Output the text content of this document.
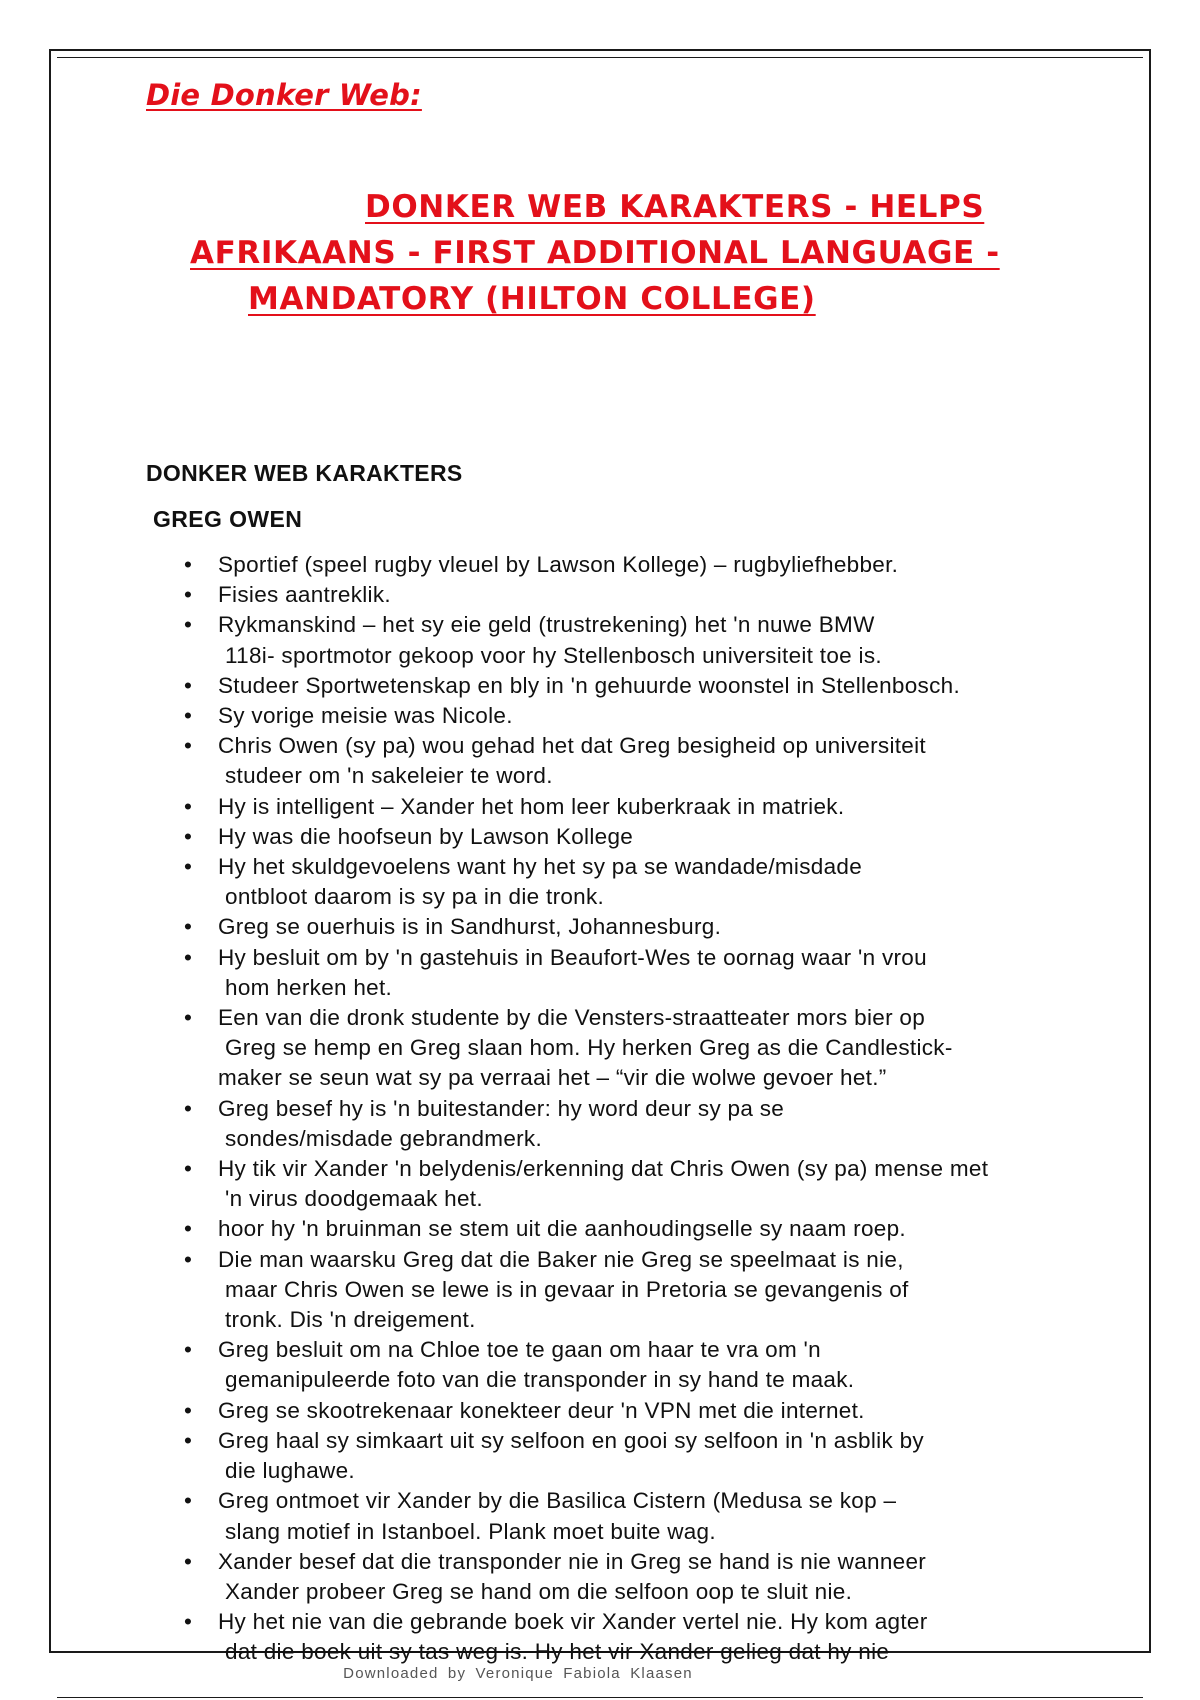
Die Donker Web:
DONKER WEB KARAKTERS - HELPS
AFRIKAANS - FIRST ADDITIONAL LANGUAGE -
MANDATORY (HILTON COLLEGE)
DONKER WEB KARAKTERS
GREG OWEN
• Sportief (speel rugby vleuel by Lawson Kollege) – rugbyliefhebber.
• Fisies aantreklik.
• Rykmanskind – het sy eie geld (trustrekening) het 'n nuwe BMW
118i- sportmotor gekoop voor hy Stellenbosch universiteit toe is.
• Studeer Sportwetenskap en bly in 'n gehuurde woonstel in Stellenbosch.
• Sy vorige meisie was Nicole.
• Chris Owen (sy pa) wou gehad het dat Greg besigheid op universiteit
studeer om 'n sakeleier te word.
• Hy is intelligent – Xander het hom leer kuberkraak in matriek.
• Hy was die hoofseun by Lawson Kollege
• Hy het skuldgevoelens want hy het sy pa se wandade/misdade
ontbloot daarom is sy pa in die tronk.
• Greg se ouerhuis is in Sandhurst, Johannesburg.
• Hy besluit om by 'n gastehuis in Beaufort-Wes te oornag waar 'n vrou
hom herken het.
• Een van die dronk studente by die Vensters-straatteater mors bier op
Greg se hemp en Greg slaan hom. Hy herken Greg as die Candlestick-
maker se seun wat sy pa verraai het – “vir die wolwe gevoer het.”
• Greg besef hy is 'n buitestander: hy word deur sy pa se
sondes/misdade gebrandmerk.
• Hy tik vir Xander 'n belydenis/erkenning dat Chris Owen (sy pa) mense met
'n virus doodgemaak het.
• hoor hy 'n bruinman se stem uit die aanhoudingselle sy naam roep.
• Die man waarsku Greg dat die Baker nie Greg se speelmaat is nie,
maar Chris Owen se lewe is in gevaar in Pretoria se gevangenis of
tronk. Dis 'n dreigement.
• Greg besluit om na Chloe toe te gaan om haar te vra om 'n
gemanipuleerde foto van die transponder in sy hand te maak.
• Greg se skootrekenaar konekteer deur 'n VPN met die internet.
• Greg haal sy simkaart uit sy selfoon en gooi sy selfoon in 'n asblik by
die lughawe.
• Greg ontmoet vir Xander by die Basilica Cistern (Medusa se kop –
slang motief in Istanboel. Plank moet buite wag.
• Xander besef dat die transponder nie in Greg se hand is nie wanneer
Xander probeer Greg se hand om die selfoon oop te sluit nie.
• Hy het nie van die gebrande boek vir Xander vertel nie. Hy kom agter
dat die boek uit sy tas weg is. Hy het vir Xander gelieg dat hy nie
Downloaded by Veronique Fabiola Klaasen
